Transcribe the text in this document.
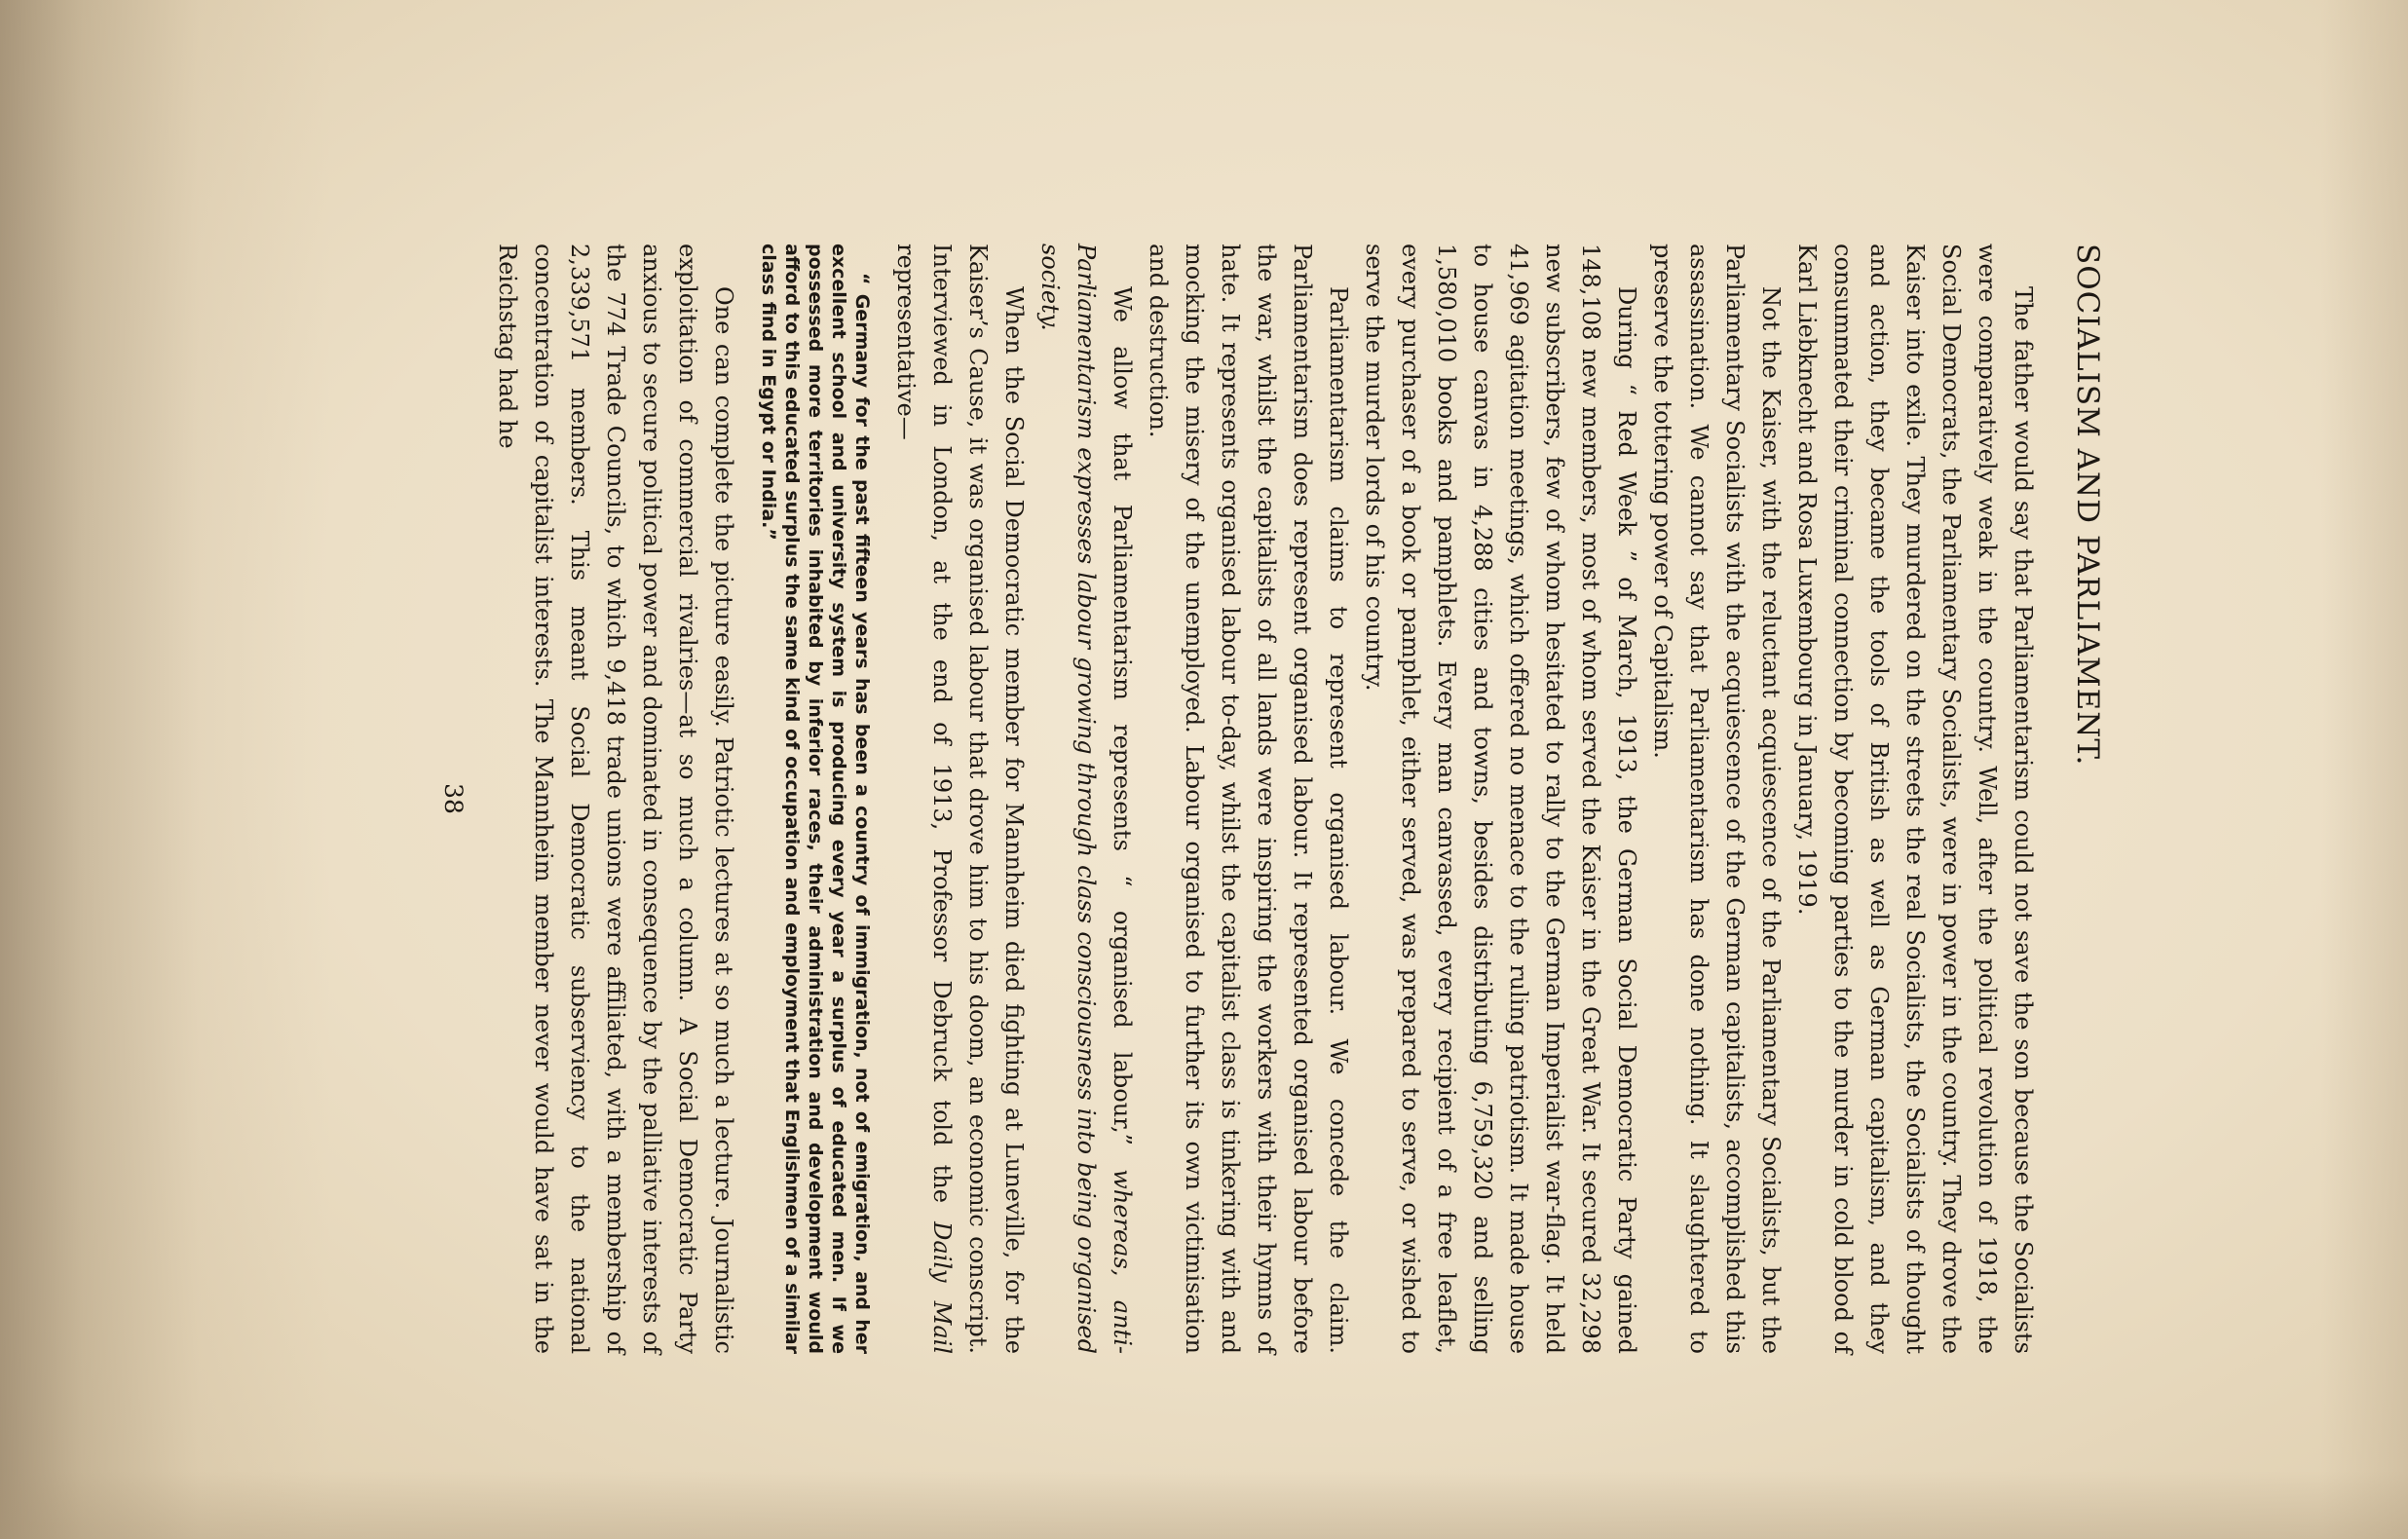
SOCIALISM AND PARLIAMENT.

The father would say that Parliamentarism could not save the son because the Socialists were comparatively weak in the country. Well, after the political revolution of 1918, the Social Democrats, the Parliamentary Socialists, were in power in the country. They drove the Kaiser into exile. They murdered on the streets the real Socialists, the Socialists of thought and action, they became the tools of British as well as German capitalism, and they consummated their criminal connection by becoming parties to the murder in cold blood of Karl Liebknecht and Rosa Luxembourg in January, 1919.

Not the Kaiser, with the reluctant acquiescence of the Parliamentary Socialists, but the Parliamentary Socialists with the acquiescence of the German capitalists, accomplished this assassination. We cannot say that Parliamentarism has done nothing. It slaughtered to preserve the tottering power of Capitalism.

During “ Red Week ” of March, 1913, the German Social Democratic Party gained 148,108 new members, most of whom served the Kaiser in the Great War. It secured 32,298 new subscribers, few of whom hesitated to rally to the German Imperialist war-flag. It held 41,969 agitation meetings, which offered no menace to the ruling patriotism. It made house to house canvas in 4,288 cities and towns, besides distributing 6,759,320 and selling 1,580,010 books and pamphlets. Every man canvassed, every recipient of a free leaflet, every purchaser of a book or pamphlet, either served, was prepared to serve, or wished to serve the murder lords of his country.

Parliamentarism claims to represent organised labour. We concede the claim. Parliamentarism does represent organised labour. It represented organised labour before the war, whilst the capitalists of all lands were inspiring the workers with their hymns of hate. It represents organised labour to-day, whilst the capitalist class is tinkering with and mocking the misery of the unemployed. Labour organised to further its own victimisation and destruction.

We allow that Parliamentarism represents “ organised labour,” whereas, anti-Parliamentarism expresses labour growing through class consciousness into being organised society.

When the Social Democratic member for Mannheim died fighting at Luneville, for the Kaiser’s Cause, it was organised labour that drove him to his doom, an economic conscript. Interviewed in London, at the end of 1913, Professor Debruck told the Daily Mail representative—

“ Germany for the past fifteen years has been a country of immigration, not of emigration, and her excellent school and university system is producing every year a surplus of educated men. If we possessed more territories inhabited by inferior races, their administration and development would afford to this educated surplus the same kind of occupation and employment that Englishmen of a similar class find in Egypt or India.”

One can complete the picture easily. Patriotic lectures at so much a lecture. Journalistic exploitation of commercial rivalries—at so much a column. A Social Democratic Party anxious to secure political power and dominated in consequence by the palliative interests of the 774 Trade Councils, to which 9,418 trade unions were affiliated, with a membership of 2,339,571 members. This meant Social Democratic subserviency to the national concentration of capitalist interests. The Mannheim member never would have sat in the Reichstag had he

38
